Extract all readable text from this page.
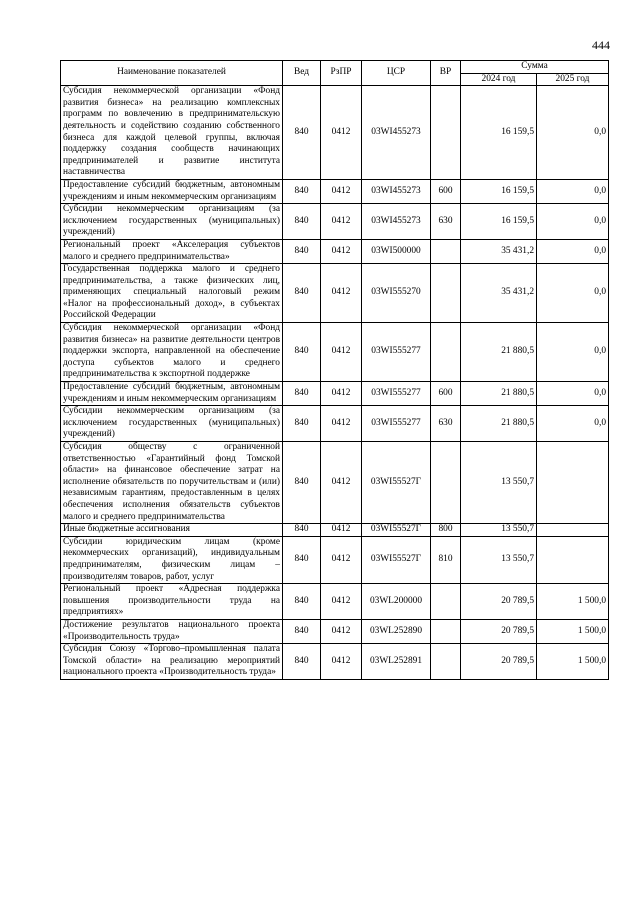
444
Наименование показателей	Вед	РзПР	ЦСР	ВР	Сумма	
					2024 год	2025 год
Субсидия некоммерческой организации «Фонд развития бизнеса» на реализацию комплексных программ по вовлечению в предпринимательскую деятельность и содействию созданию собственного бизнеса для каждой целевой группы, включая поддержку создания сообществ начинающих предпринимателей и развитие института наставничества	840	0412	03WI455273		16 159,5	0,0
Предоставление субсидий бюджетным, автономным учреждениям и иным некоммерческим организациям	840	0412	03WI455273	600	16 159,5	0,0
Субсидии некоммерческим организациям (за исключением государственных (муниципальных) учреждений)	840	0412	03WI455273	630	16 159,5	0,0
Региональный проект «Акселерация субъектов малого и среднего предпринимательства»	840	0412	03WI500000		35 431,2	0,0
Государственная поддержка малого и среднего предпринимательства, а также физических лиц, применяющих специальный налоговый режим «Налог на профессиональный доход», в субъектах Российской Федерации	840	0412	03WI555270		35 431,2	0,0
Субсидия некоммерческой организации «Фонд развития бизнеса» на развитие деятельности центров поддержки экспорта, направленной на обеспечение доступа субъектов малого и среднего предпринимательства к экспортной поддержке	840	0412	03WI555277		21 880,5	0,0
Предоставление субсидий бюджетным, автономным учреждениям и иным некоммерческим организациям	840	0412	03WI555277	600	21 880,5	0,0
Субсидии некоммерческим организациям (за исключением государственных (муниципальных) учреждений)	840	0412	03WI555277	630	21 880,5	0,0
Субсидия обществу с ограниченной ответственностью «Гарантийный фонд Томской области» на финансовое обеспечение затрат на исполнение обязательств по поручительствам и (или) независимым гарантиям, предоставленным в целях обеспечения исполнения обязательств субъектов малого и среднего предпринимательства	840	0412	03WI55527Г		13 550,7	
Иные бюджетные ассигнования	840	0412	03WI55527Г	800	13 550,7	
Субсидии юридическим лицам (кроме некоммерческих организаций), индивидуальным предпринимателям, физическим лицам – производителям товаров, работ, услуг	840	0412	03WI55527Г	810	13 550,7	
Региональный проект «Адресная поддержка повышения производительности труда на предприятиях»	840	0412	03WL200000		20 789,5	1 500,0
Достижение результатов национального проекта «Производительность труда»	840	0412	03WL252890		20 789,5	1 500,0
Субсидия Союзу «Торгово–промышленная палата Томской области» на реализацию мероприятий национального проекта «Производительность труда»	840	0412	03WL252891		20 789,5	1 500,0
